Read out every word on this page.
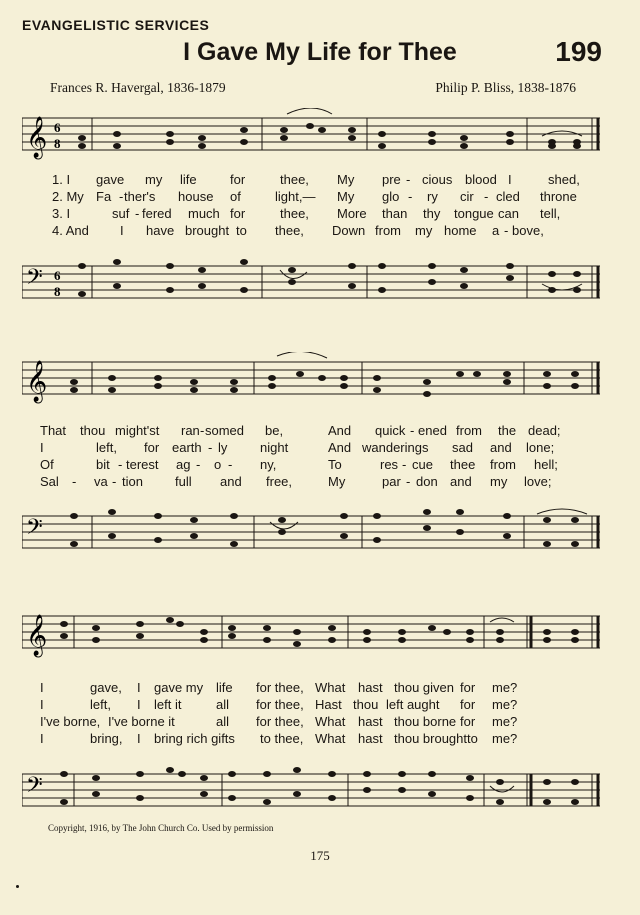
EVANGELISTIC SERVICES
I Gave My Life for Thee	199
Frances R. Havergal, 1836-1879	Philip P. Bliss, 1838-1876
𝄞 6
8
1. I gave my life	for	thee, My pre - cious blood I	shed,
2. My Fa - ther's house of	light,— My glo - ry cir - cled throne
3. I	suf - fered much for	thee, More than thy tongue can tell,
4. And I have brought to thee, Down from my home a - bove,
𝄢 6
8
𝄞
That thou might'st ran - somed be,	And quick - ened from the dead;
I	left, for earth - ly	night	And wanderings sad and lone;
Of	bit - terest ag - o - ny,	To	res - cue thee from hell;
Sal - va - tion full and free,	My	par - don and my love;
𝄢
𝄞
I	gave, I gave my life for thee, What hast thou given for me?
I	left, I left it	all for thee, Hast thou left aught for me?
I've borne, I've borne it	all for thee, What hast thou borne for me?
I	bring, I bring rich gifts to thee, What hast thou brought to me?
𝄢
Copyright, 1916, by The John Church Co. Used by permission
175
